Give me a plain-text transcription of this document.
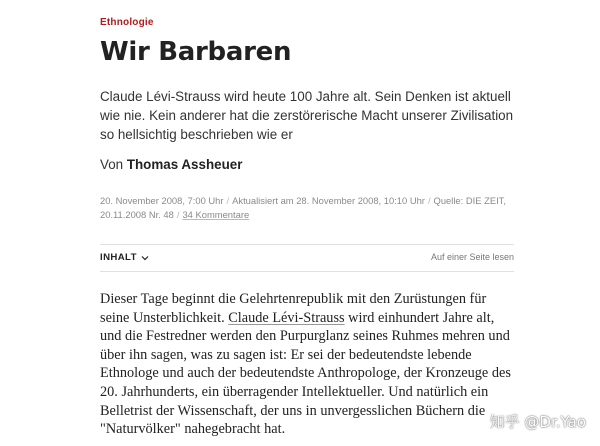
Ethnologie
Wir Barbaren

Claude Lévi-Strauss wird heute 100 Jahre alt. Sein Denken ist aktuell wie nie. Kein anderer hat die zerstörerische Macht unserer Zivilisation so hellsichtig beschrieben wie er

Von Thomas Assheuer
20. November 2008, 7:00 Uhr / Aktualisiert am 28. November 2008, 10:10 Uhr / Quelle: DIE ZEIT, 20.11.2008 Nr. 48 / 34 Kommentare
INHALT	Auf einer Seite lesen

Dieser Tage beginnt die Gelehrtenrepublik mit den Zurüstungen für seine Unsterblichkeit. Claude Lévi-Strauss wird einhundert Jahre alt, und die Festredner werden den Purpurglanz seines Ruhmes mehren und über ihn sagen, was zu sagen ist: Er sei der bedeutendste lebende Ethnologe und auch der bedeutendste Anthropologe, der Kronzeuge des 20. Jahrhunderts, ein überragender Intellektueller. Und natürlich ein Belletrist der Wissenschaft, der uns in unvergesslichen Büchern die "Naturvölker" nahegebracht hat.	知乎 @Dr.Yao
